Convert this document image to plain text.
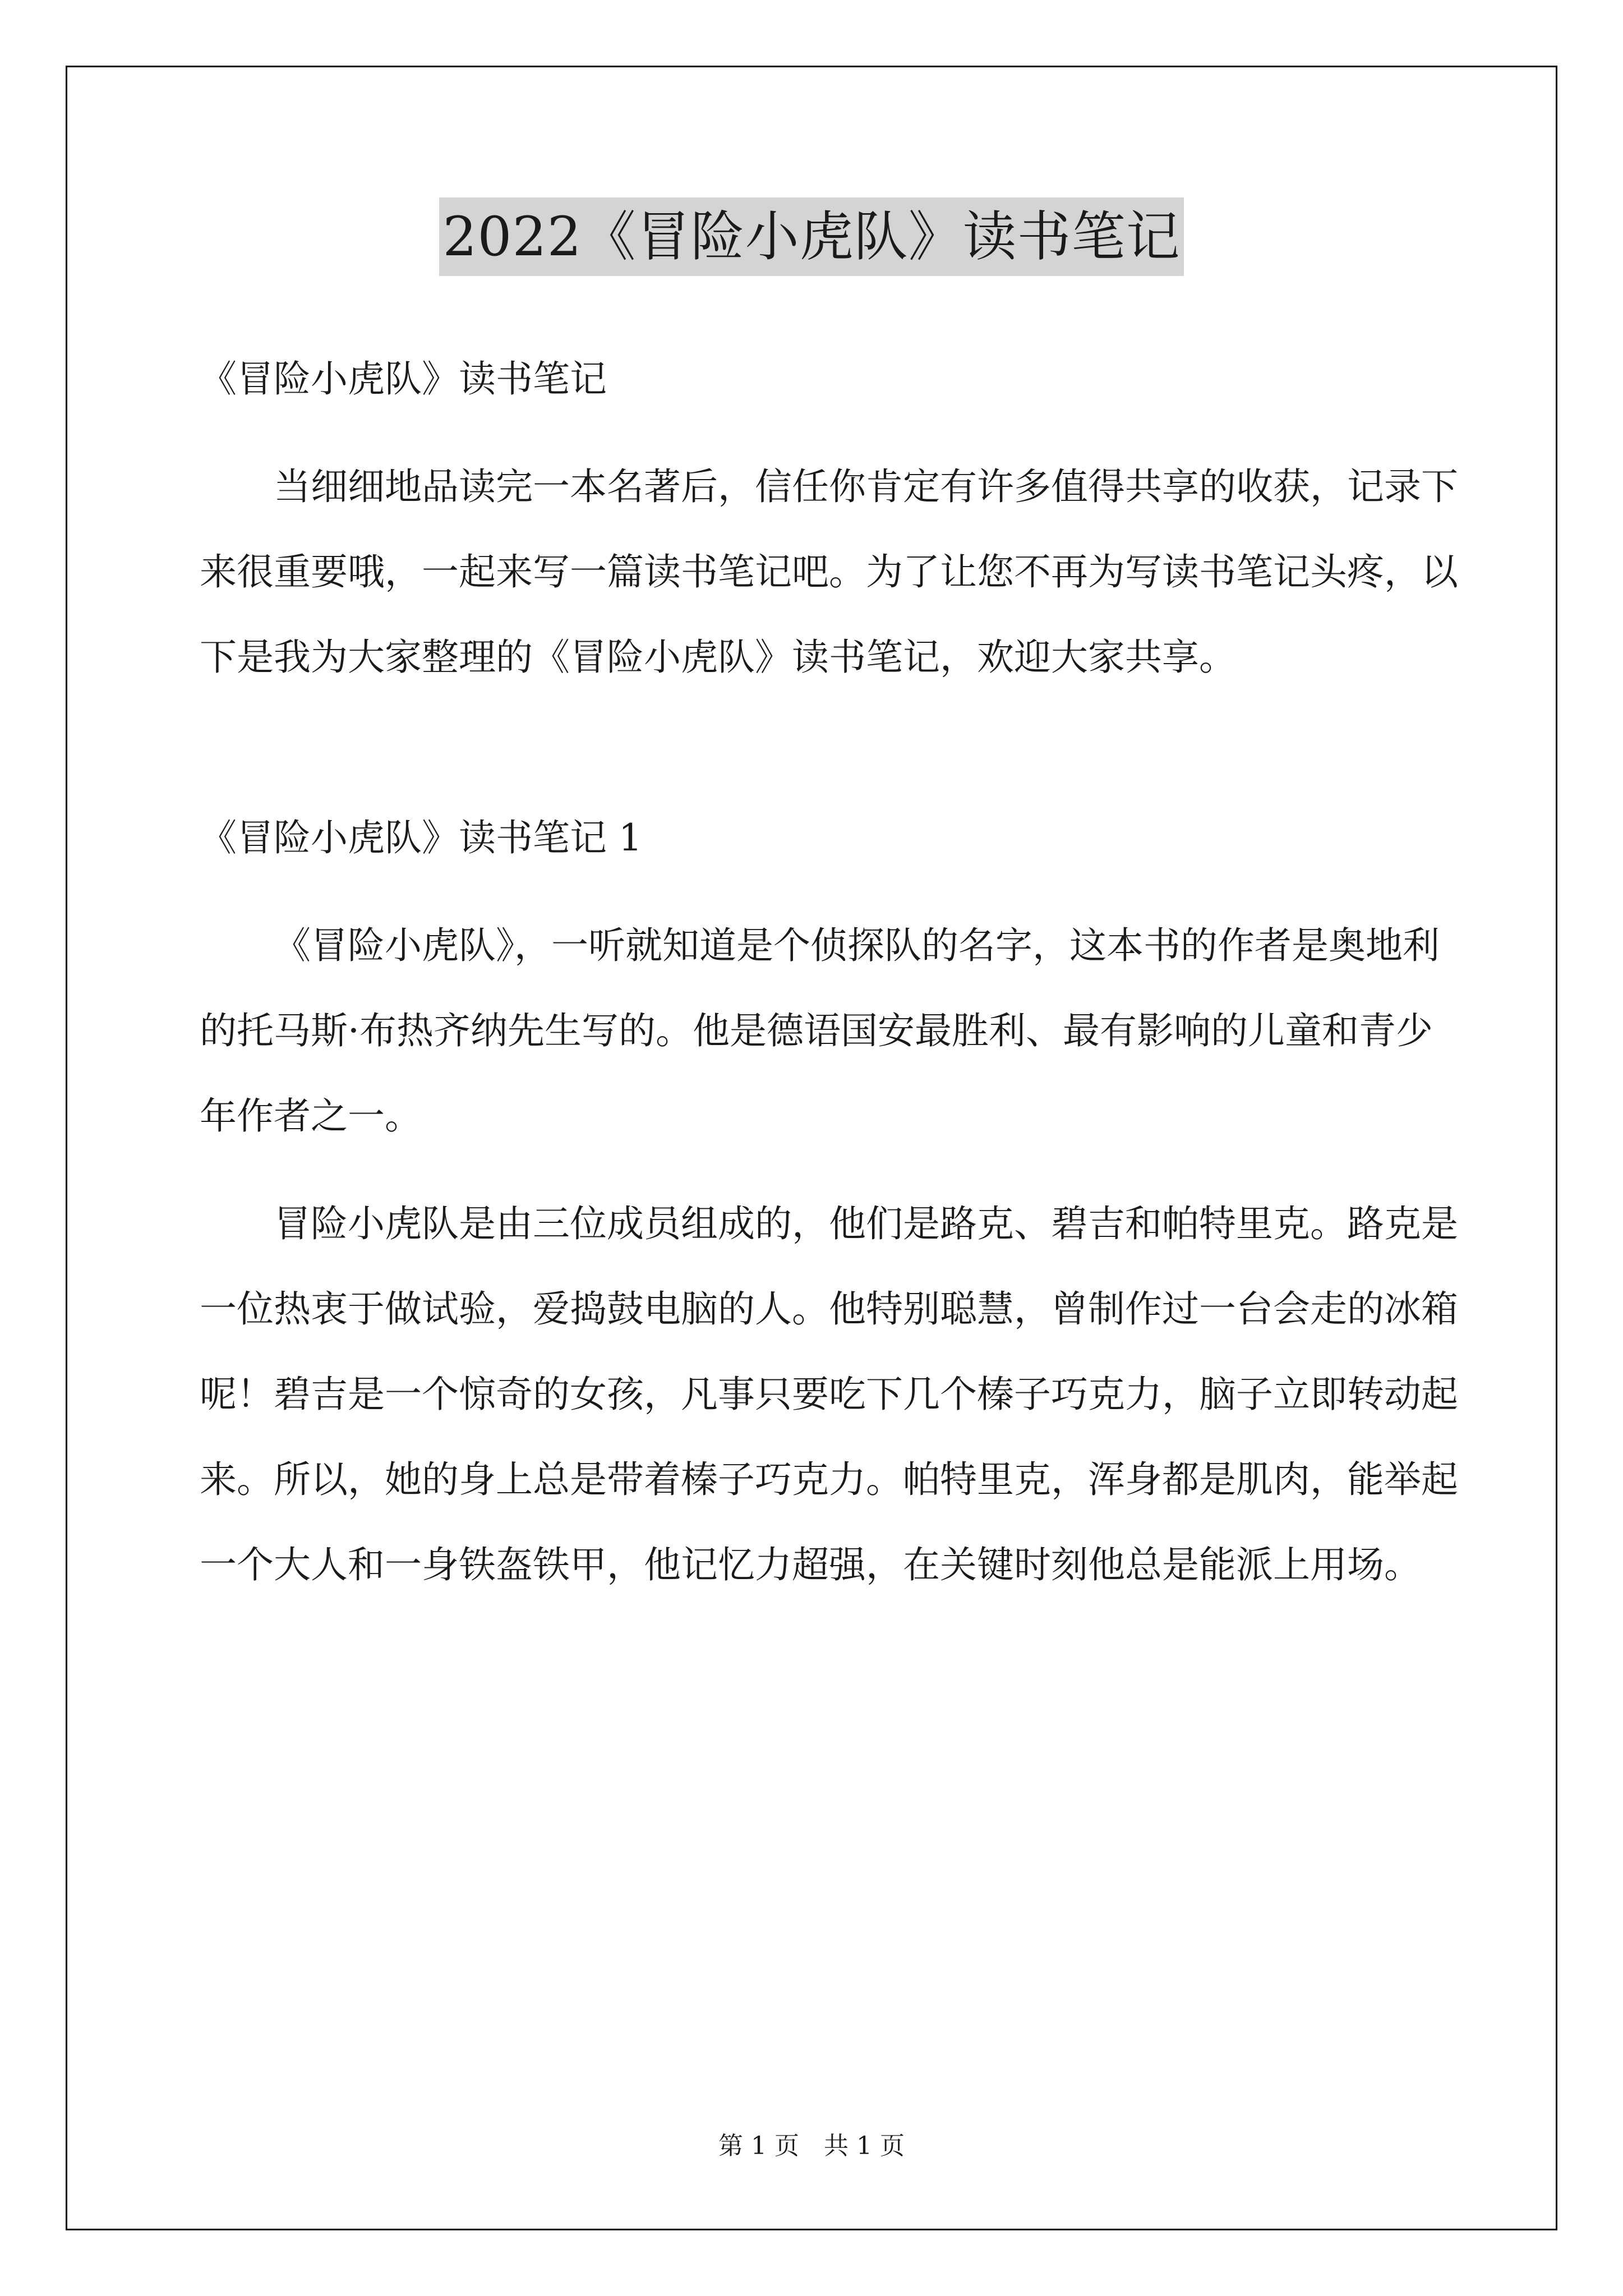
2022《冒险小虎队》读书笔记

《冒险小虎队》读书笔记

当细细地品读完一本名著后，信任你肯定有许多值得共享的收获，记录下来很重要哦，一起来写一篇读书笔记吧。为了让您不再为写读书笔记头疼，以下是我为大家整理的《冒险小虎队》读书笔记，欢迎大家共享。

《冒险小虎队》读书笔记 1

《冒险小虎队》，一听就知道是个侦探队的名字，这本书的作者是奥地利的托马斯·布热齐纳先生写的。他是德语国安最胜利、最有影响的儿童和青少年作者之一。

冒险小虎队是由三位成员组成的，他们是路克、碧吉和帕特里克。路克是一位热衷于做试验，爱捣鼓电脑的人。他特别聪慧，曾制作过一台会走的冰箱呢！碧吉是一个惊奇的女孩，凡事只要吃下几个榛子巧克力，脑子立即转动起来。所以，她的身上总是带着榛子巧克力。帕特里克，浑身都是肌肉，能举起一个大人和一身铁盔铁甲，他记忆力超强，在关键时刻他总是能派上用场。

第 1 页　共 1 页
